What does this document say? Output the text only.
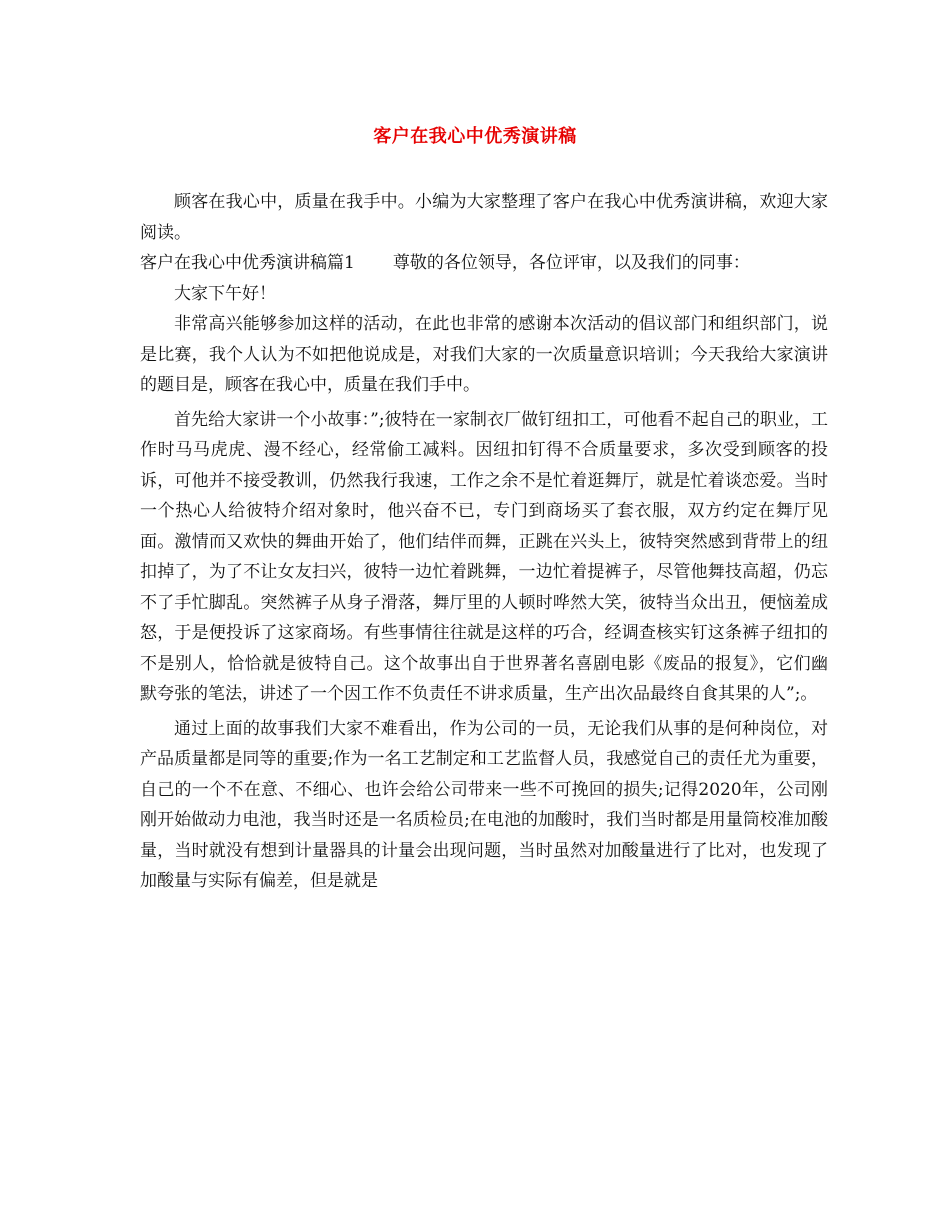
客户在我心中优秀演讲稿

顾客在我心中，质量在我手中。小编为大家整理了客户在我心中优秀演讲稿，欢迎大家阅读。

客户在我心中优秀演讲稿篇1 尊敬的各位领导，各位评审，以及我们的同事：

大家下午好！

非常高兴能够参加这样的活动，在此也非常的感谢本次活动的倡议部门和组织部门，说是比赛，我个人认为不如把他说成是，对我们大家的一次质量意识培训；今天我给大家演讲的题目是，顾客在我心中，质量在我们手中。

首先给大家讲一个小故事：”;彼特在一家制衣厂做钉纽扣工，可他看不起自己的职业，工作时马马虎虎、漫不经心，经常偷工减料。因纽扣钉得不合质量要求，多次受到顾客的投诉，可他并不接受教训，仍然我行我速，工作之余不是忙着逛舞厅，就是忙着谈恋爱。当时一个热心人给彼特介绍对象时，他兴奋不已，专门到商场买了套衣服，双方约定在舞厅见面。激情而又欢快的舞曲开始了，他们结伴而舞，正跳在兴头上，彼特突然感到背带上的纽扣掉了，为了不让女友扫兴，彼特一边忙着跳舞，一边忙着提裤子，尽管他舞技高超，仍忘不了手忙脚乱。突然裤子从身子滑落，舞厅里的人顿时哗然大笑，彼特当众出丑，便恼羞成怒，于是便投诉了这家商场。有些事情往往就是这样的巧合，经调查核实钉这条裤子纽扣的不是别人，恰恰就是彼特自己。这个故事出自于世界著名喜剧电影《废品的报复》，它们幽默夸张的笔法，讲述了一个因工作不负责任不讲求质量，生产出次品最终自食其果的人”;。

通过上面的故事我们大家不难看出，作为公司的一员，无论我们从事的是何种岗位，对产品质量都是同等的重要;作为一名工艺制定和工艺监督人员，我感觉自己的责任尤为重要，自己的一个不在意、不细心、也许会给公司带来一些不可挽回的损失;记得2020年，公司刚刚开始做动力电池，我当时还是一名质检员;在电池的加酸时，我们当时都是用量筒校准加酸量，当时就没有想到计量器具的计量会出现问题，当时虽然对加酸量进行了比对，也发现了加酸量与实际有偏差，但是就是
